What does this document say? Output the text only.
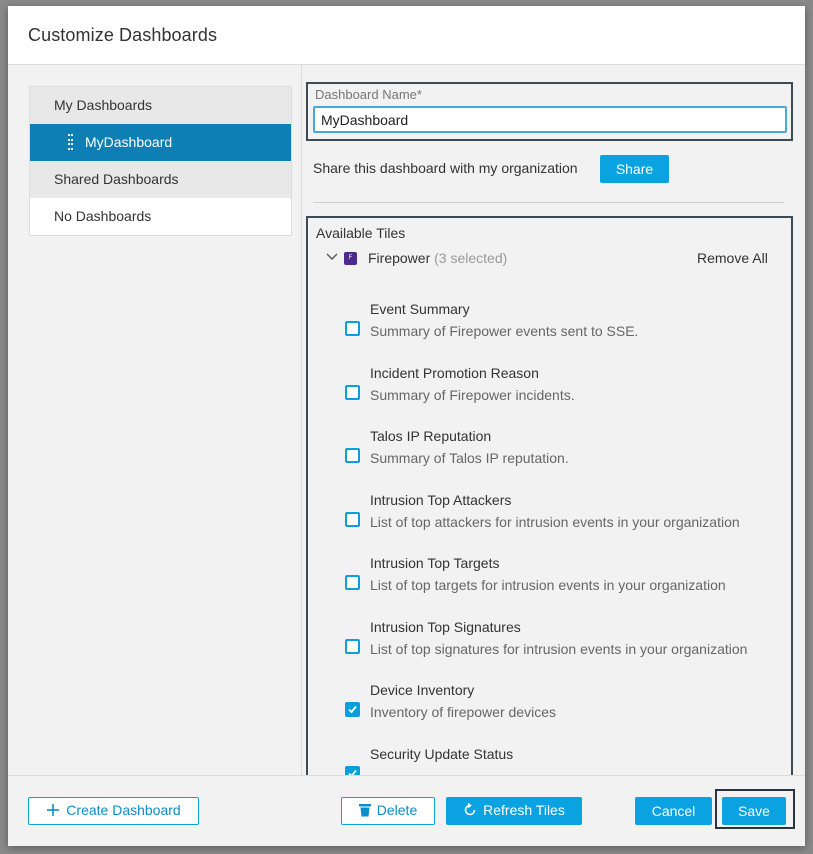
Customize Dashboards
My Dashboards
MyDashboard
Shared Dashboards
No Dashboards
Dashboard Name*
MyDashboard
Share this dashboard with my organization	Share
Available Tiles
F	Firepower (3 selected)	Remove All
Event Summary
Summary of Firepower events sent to SSE.
Incident Promotion Reason
Summary of Firepower incidents.
Talos IP Reputation
Summary of Talos IP reputation.
Intrusion Top Attackers
List of top attackers for intrusion events in your organization
Intrusion Top Targets
List of top targets for intrusion events in your organization
Intrusion Top Signatures
List of top signatures for intrusion events in your organization
Device Inventory
Inventory of firepower devices
Security Update Status
Create Dashboard	Delete	Refresh Tiles	Cancel	Save
